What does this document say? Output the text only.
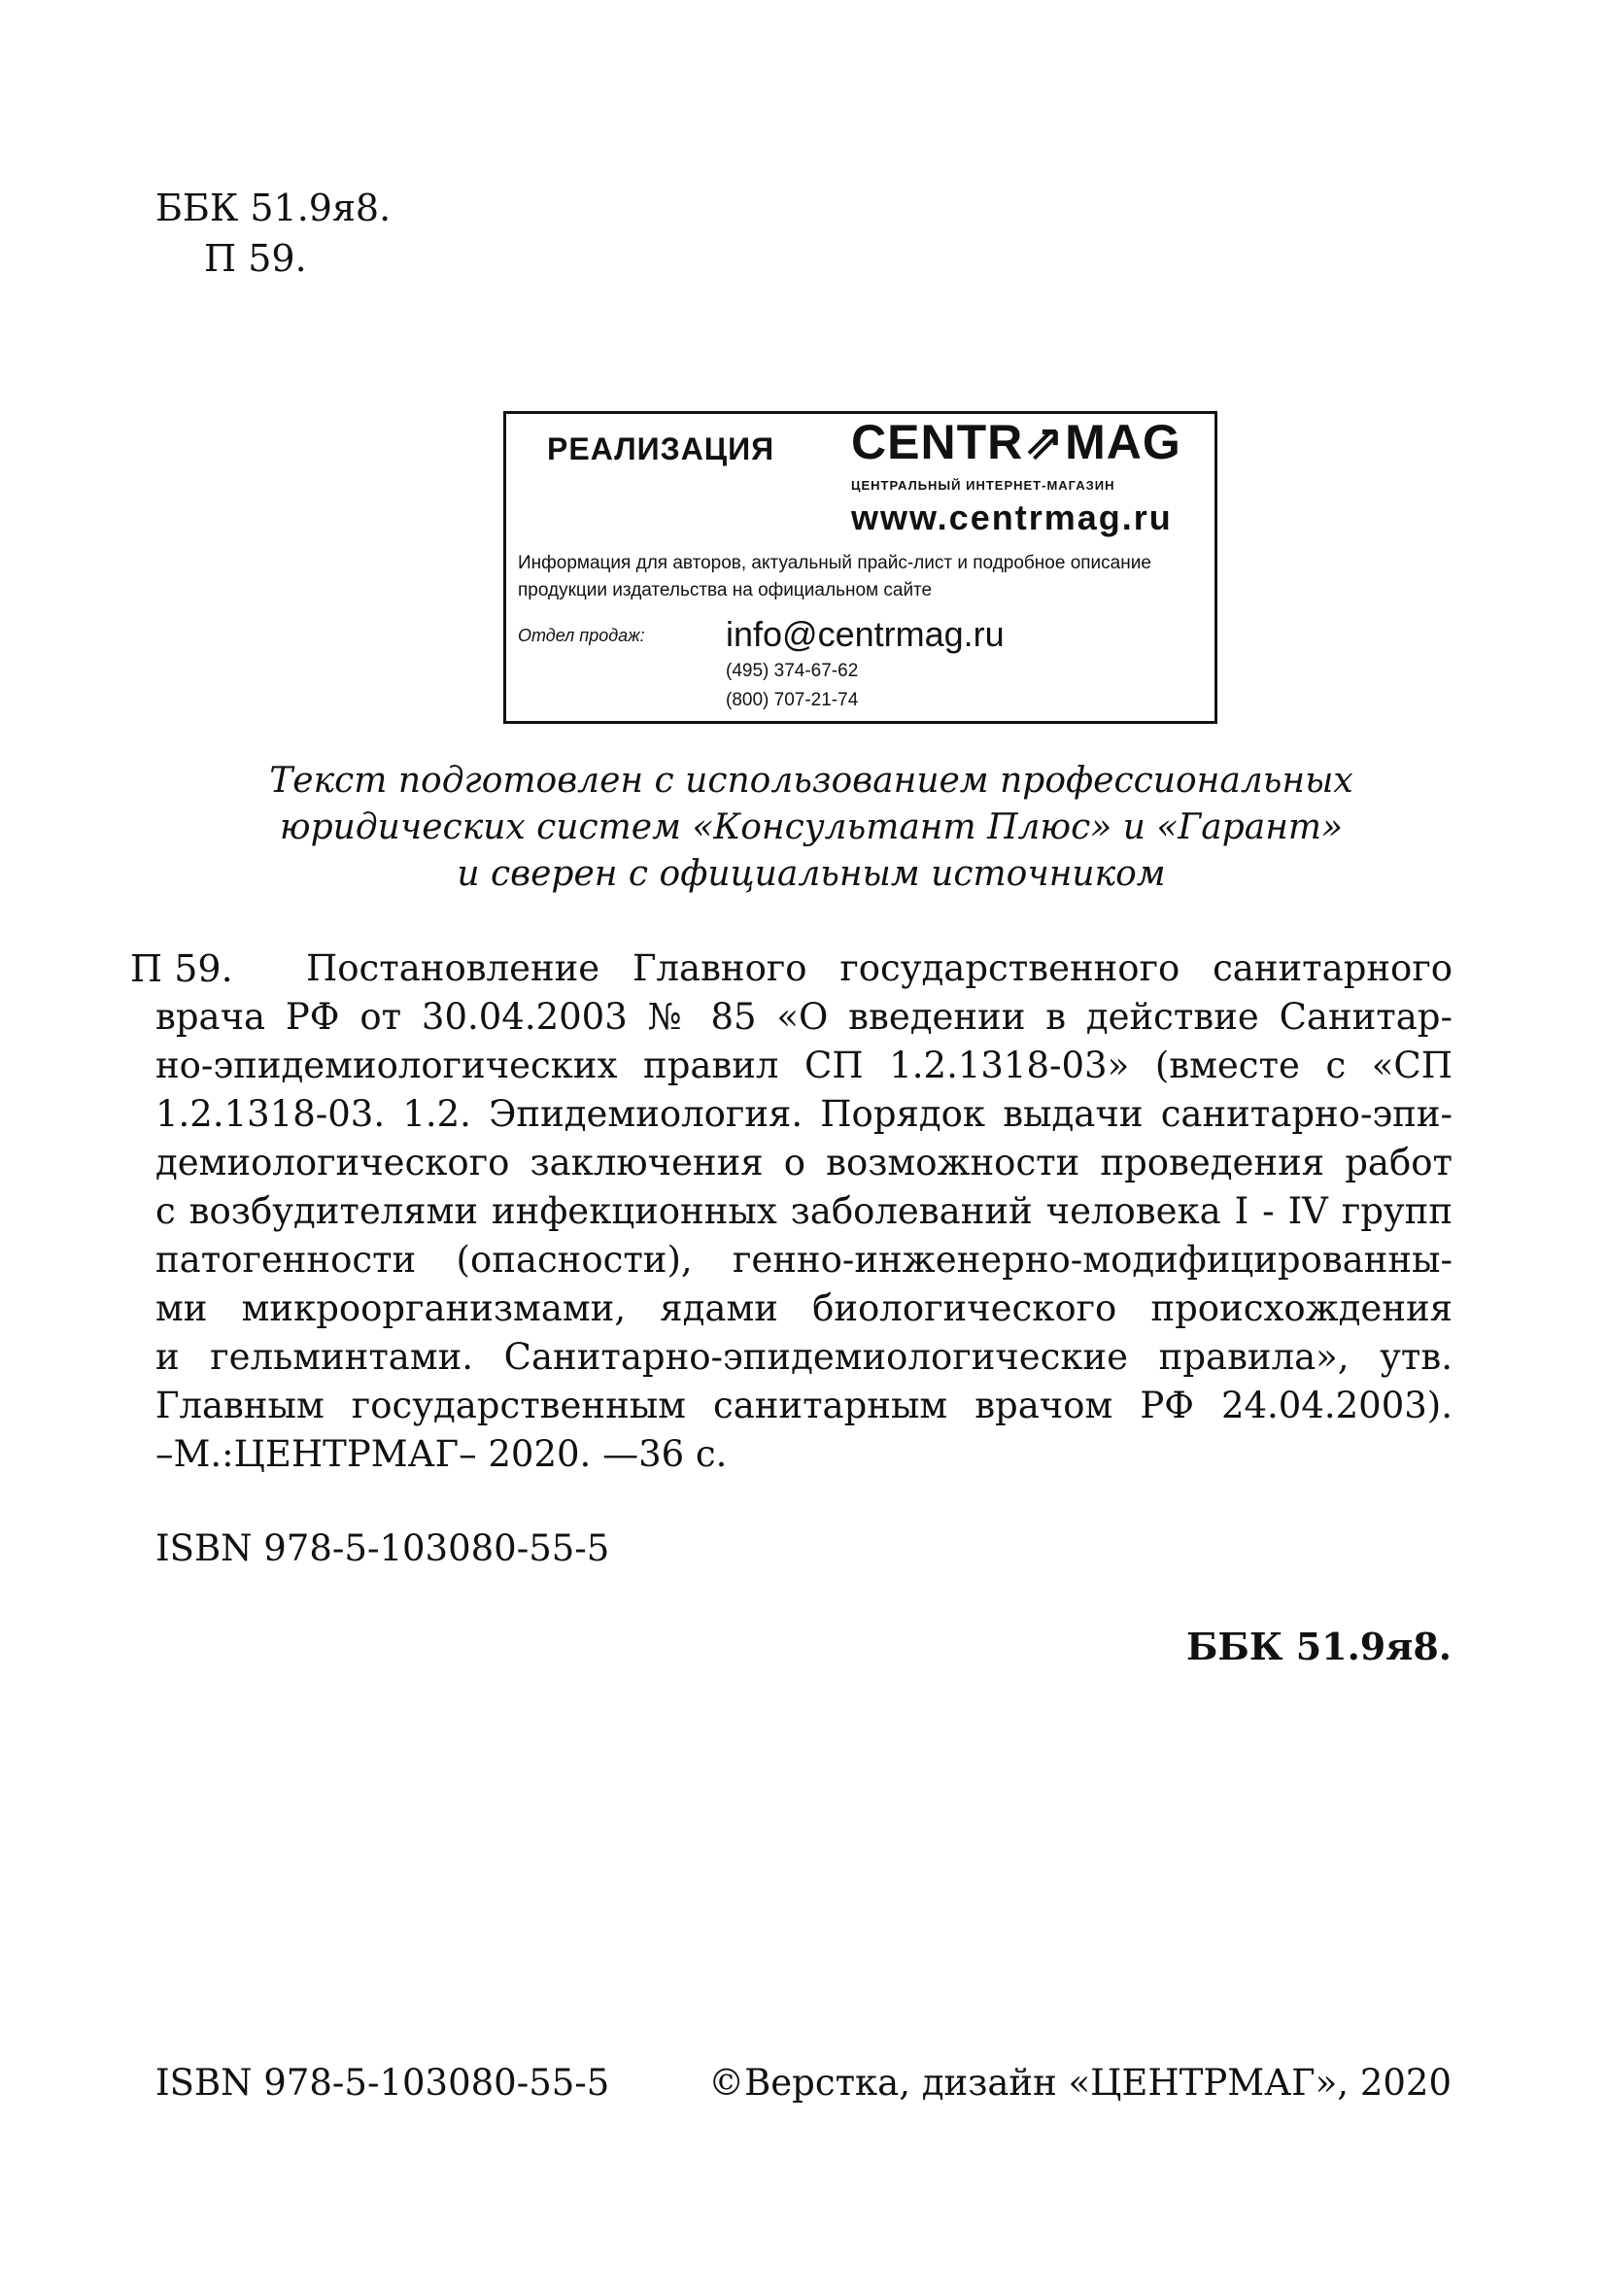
ББК 51.9я8.
П 59.
РЕАЛИЗАЦИЯ CENTR⇗MAG
ЦЕНТРАЛЬНЫЙ ИНТЕРНЕТ-МАГАЗИН
www.centrmag.ru
Информация для авторов, актуальный прайс-лист и подробное описание продукции издательства на официальном сайте
Отдел продаж: info@centrmag.ru
(495) 374-67-62
(800) 707-21-74
Текст подготовлен с использованием профессиональных
юридических систем «Консультант Плюс» и «Гарант»
и сверен с официальным источником
П 59.	Постановление Главного государственного санитарного
врача РФ от 30.04.2003 № 85 «О введении в действие Санитар-
но-эпидемиологических правил СП 1.2.1318-03» (вместе с «СП
1.2.1318-03. 1.2. Эпидемиология. Порядок выдачи санитарно-эпи-
демиологического заключения о возможности проведения работ
с возбудителями инфекционных заболеваний человека I - IV групп
патогенности (опасности), генно-инженерно-модифицированны-
ми микроорганизмами, ядами биологического происхождения
и гельминтами. Санитарно-эпидемиологические правила», утв.
Главным государственным санитарным врачом РФ 24.04.2003).
–М.:ЦЕНТРМАГ– 2020. —36 с.
ISBN 978-5-103080-55-5
ББК 51.9я8.
ISBN 978-5-103080-55-5	©Верстка, дизайн «ЦЕНТРМАГ», 2020
